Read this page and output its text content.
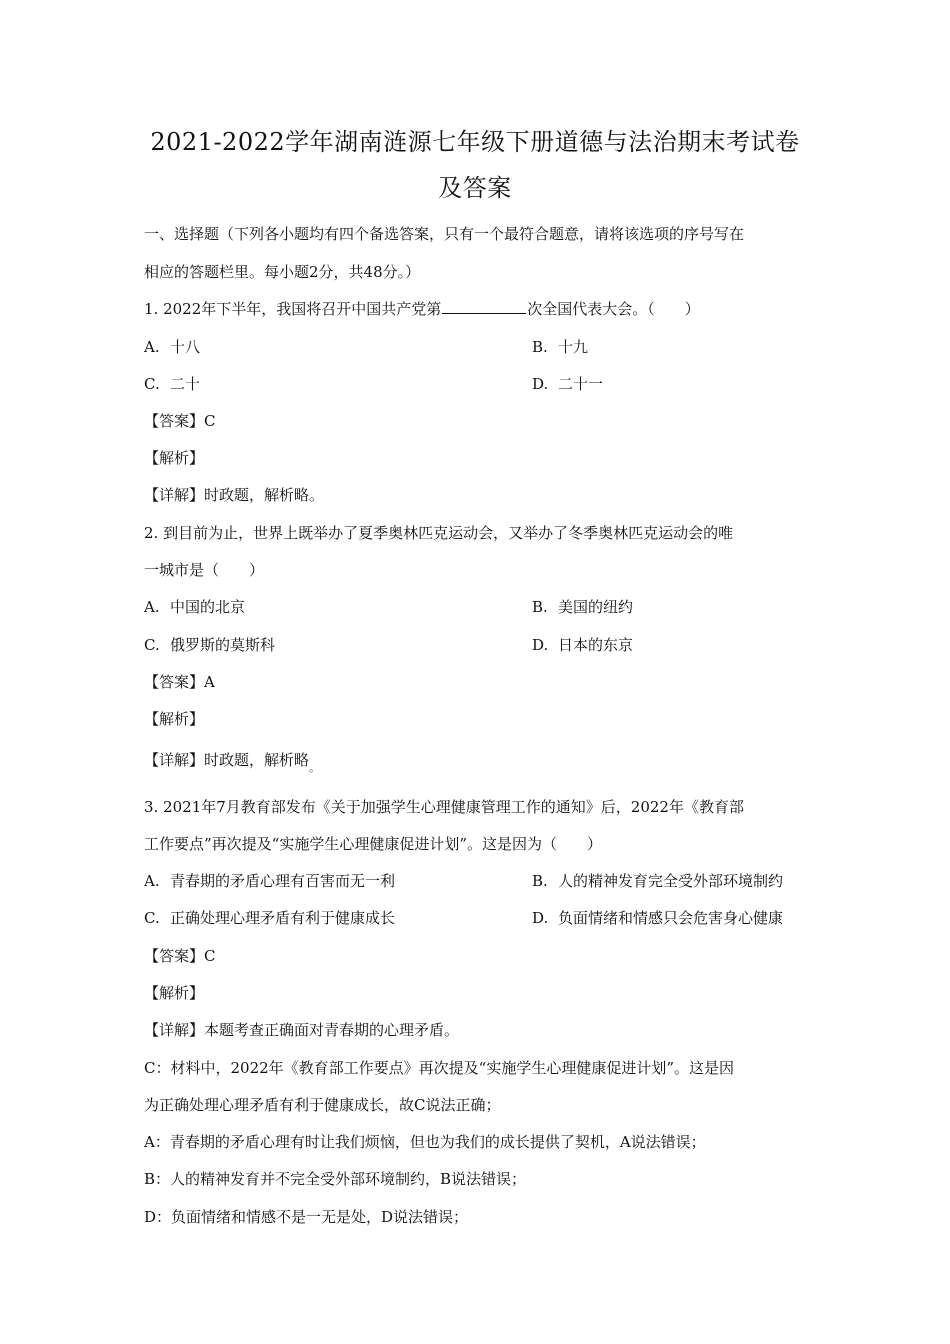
2021-2022学年湖南涟源七年级下册道德与法治期末考试卷
及答案
一、选择题（下列各小题均有四个备选答案，只有一个最符合题意，请将该选项的序号写在
相应的答题栏里。每小题2分，共48分。）
1. 2022年下半年，我国将召开中国共产党第	次全国代表大会。（　　）
A. 十八	B. 十九
C. 二十	D. 二十一
【答案】C
【解析】
【详解】时政题，解析略。
2. 到目前为止，世界上既举办了夏季奥林匹克运动会，又举办了冬季奥林匹克运动会的唯
一城市是（　　）
A. 中国的北京	B. 美国的纽约
C. 俄罗斯的莫斯科	D. 日本的东京
【答案】A
【解析】
【详解】时政题，解析略$_。$
3. 2021年7月教育部发布《关于加强学生心理健康管理工作的通知》后，2022年《教育部
工作要点”再次提及“实施学生心理健康促进计划”。这是因为（　　）
A. 青春期的矛盾心理有百害而无一利	B. 人的精神发育完全受外部环境制约
C. 正确处理心理矛盾有利于健康成长	D. 负面情绪和情感只会危害身心健康
【答案】C
【解析】
【详解】本题考查正确面对青春期的心理矛盾。
C：材料中，2022年《教育部工作要点》再次提及“实施学生心理健康促进计划”。这是因
为正确处理心理矛盾有利于健康成长，故C说法正确；
A：青春期的矛盾心理有时让我们烦恼，但也为我们的成长提供了契机，A说法错误；
B：人的精神发育并不完全受外部环境制约，B说法错误；
D：负面情绪和情感不是一无是处，D说法错误；
